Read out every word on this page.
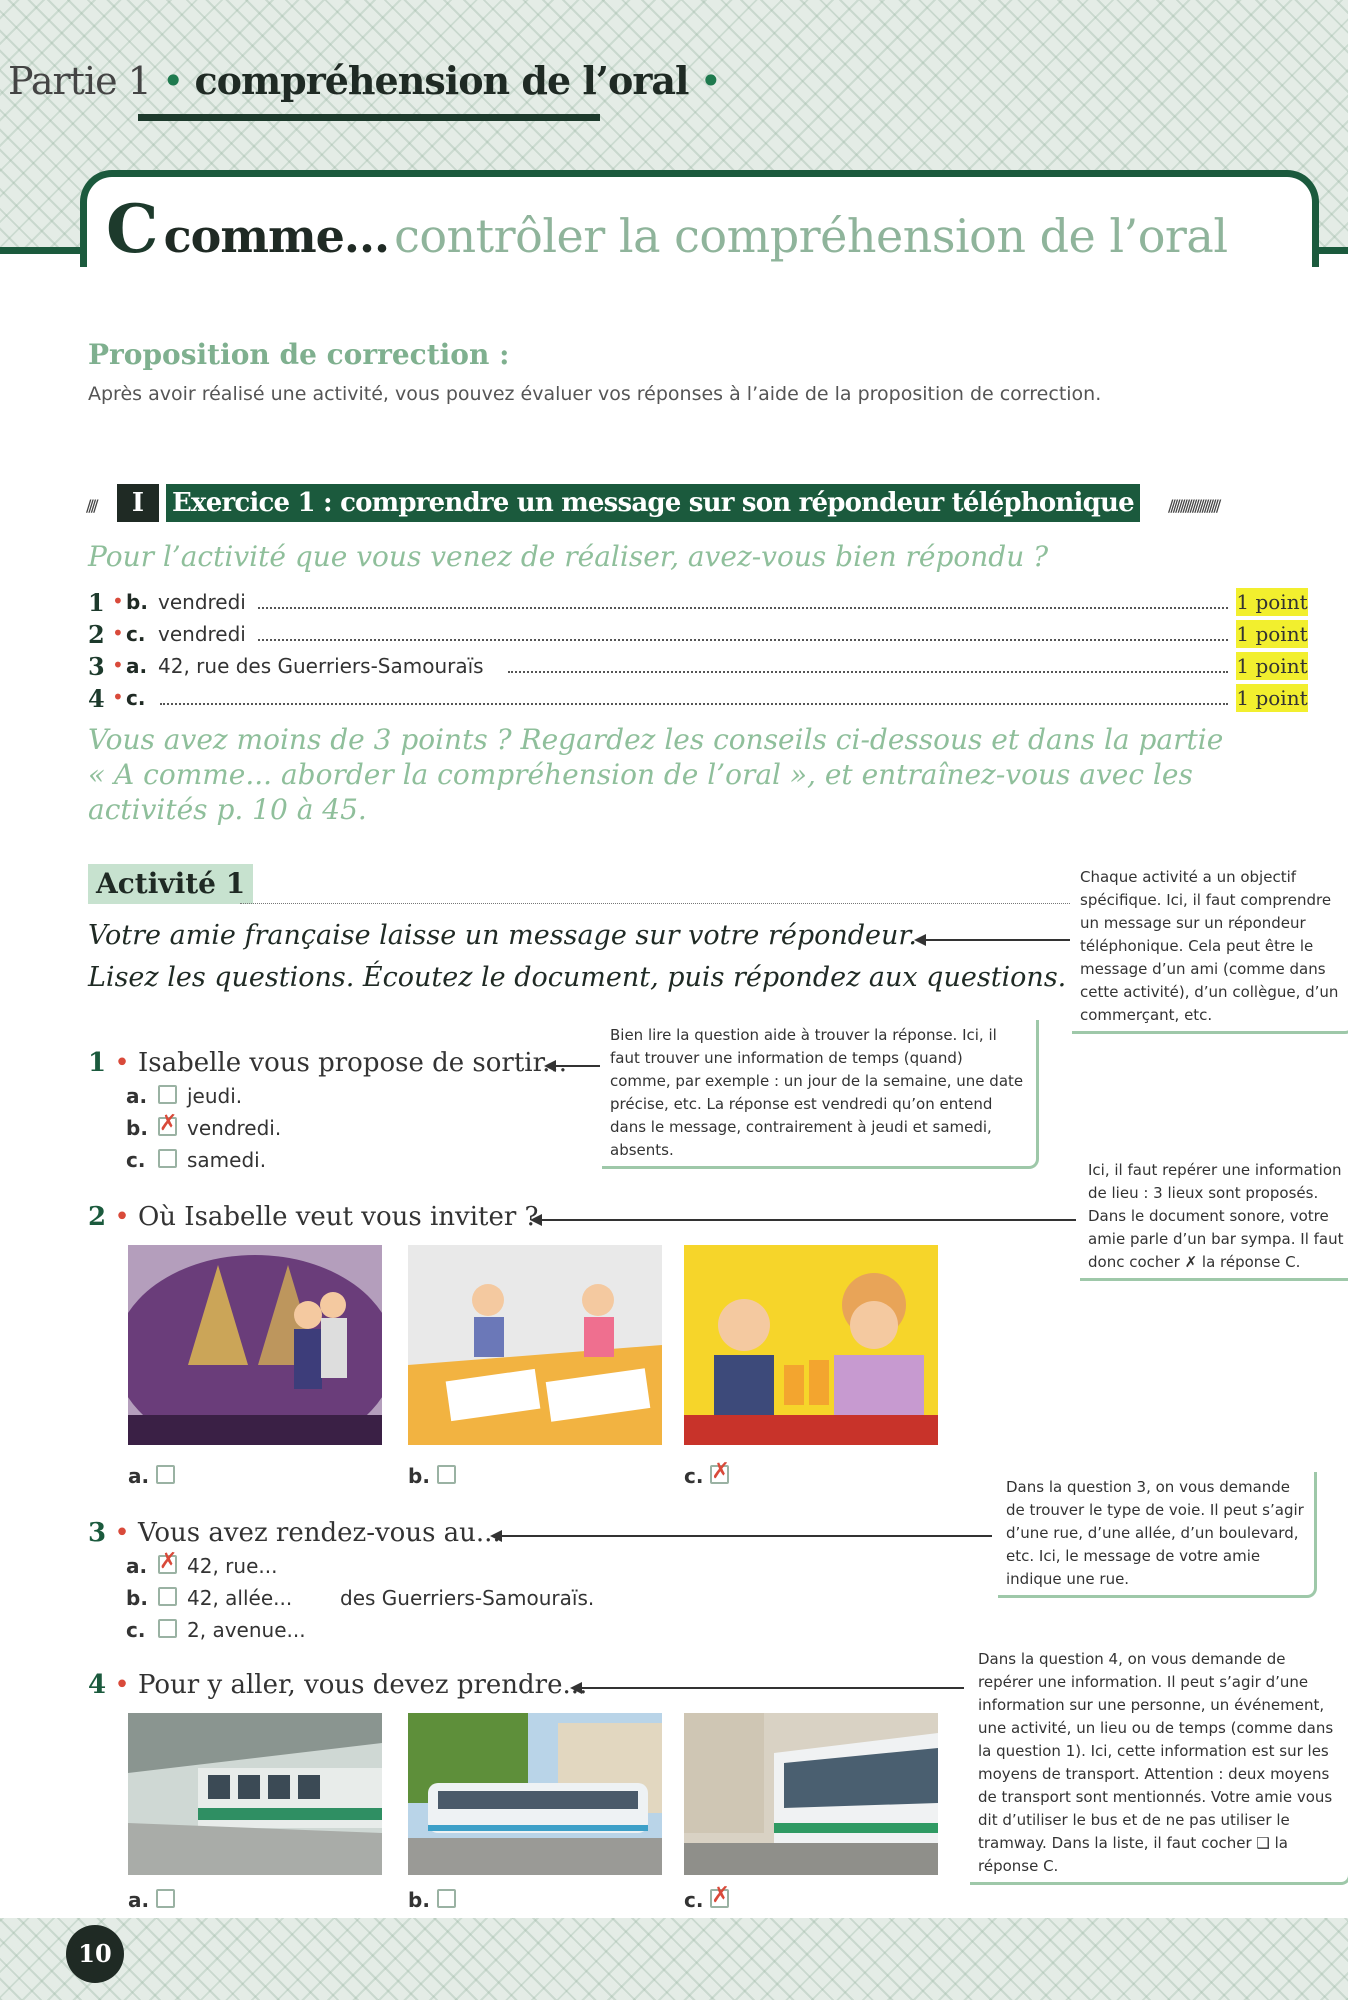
Partie 1 • compréhension de l’oral •
C comme... contrôler la compréhension de l’oral
Proposition de correction :
Après avoir réalisé une activité, vous pouvez évaluer vos réponses à l’aide de la proposition de correction.
////	I	Exercice 1 : comprendre un message sur son répondeur téléphonique	/////////////////////
Pour l’activité que vous venez de réaliser, avez-vous bien répondu ?
1 • b. vendredi	1 point
2 • c. vendredi	1 point
3 • a. 42, rue des Guerriers-Samouraïs	1 point
4 • c.	1 point
Vous avez moins de 3 points ? Regardez les conseils ci-dessous et dans la partie « A comme... aborder la compréhension de l’oral », et entraînez-vous avec les activités p. 10 à 45.
Activité 1
Votre amie française laisse un message sur votre répondeur.
Lisez les questions. Écoutez le document, puis répondez aux questions.
1 • Isabelle vous propose de sortir...
a. jeudi.
b. ✗ vendredi.
c. samedi.
2 • Où Isabelle veut vous inviter ?
a.	b.	c. ✗
3 • Vous avez rendez-vous au...
a. ✗ 42, rue...
b. 42, allée...
c. 2, avenue...
des Guerriers-Samouraïs.
4 • Pour y aller, vous devez prendre...
a.	b.	c. ✗
Chaque activité a un objectif spécifique. Ici, il faut comprendre un message sur un répondeur téléphonique. Cela peut être le message d’un ami (comme dans cette activité), d’un collègue, d’un commerçant, etc.
Bien lire la question aide à trouver la réponse. Ici, il faut trouver une information de temps (quand) comme, par exemple : un jour de la semaine, une date précise, etc. La réponse est vendredi qu’on entend dans le message, contrairement à jeudi et samedi, absents.
Ici, il faut repérer une information de lieu : 3 lieux sont proposés. Dans le document sonore, votre amie parle d’un bar sympa. Il faut donc cocher ✗ la réponse C.
Dans la question 3, on vous demande de trouver le type de voie. Il peut s’agir d’une rue, d’une allée, d’un boulevard, etc. Ici, le message de votre amie indique une rue.
Dans la question 4, on vous demande de repérer une information. Il peut s’agir d’une information sur une personne, un événement, une activité, un lieu ou de temps (comme dans la question 1). Ici, cette information est sur les moyens de transport. Attention : deux moyens de transport sont mentionnés. Votre amie vous dit d’utiliser le bus et de ne pas utiliser le tramway. Dans la liste, il faut cocher ❑ la réponse C.
10
